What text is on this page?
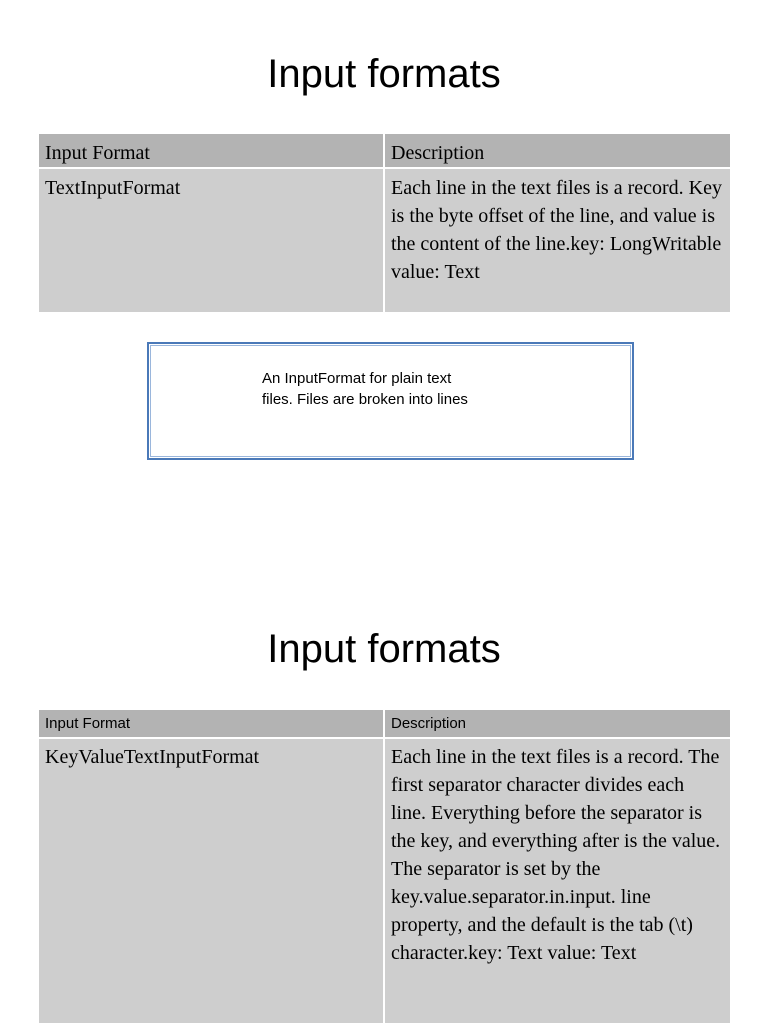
Input formats
Input Format	Description
TextInputFormat	Each line in the text files is a record. Key is the byte offset of the line, and value is the content of the line.key: LongWritable value: Text
An InputFormat for plain text
files. Files are broken into lines
Input formats
Input Format	Description
KeyValueTextInputFormat	Each line in the text files is a record. The first separator character divides each line. Everything before the separator is the key, and everything after is the value. The separator is set by the key.value.separator.in.input. line property, and the default is the tab (\t) character.key: Text value: Text
